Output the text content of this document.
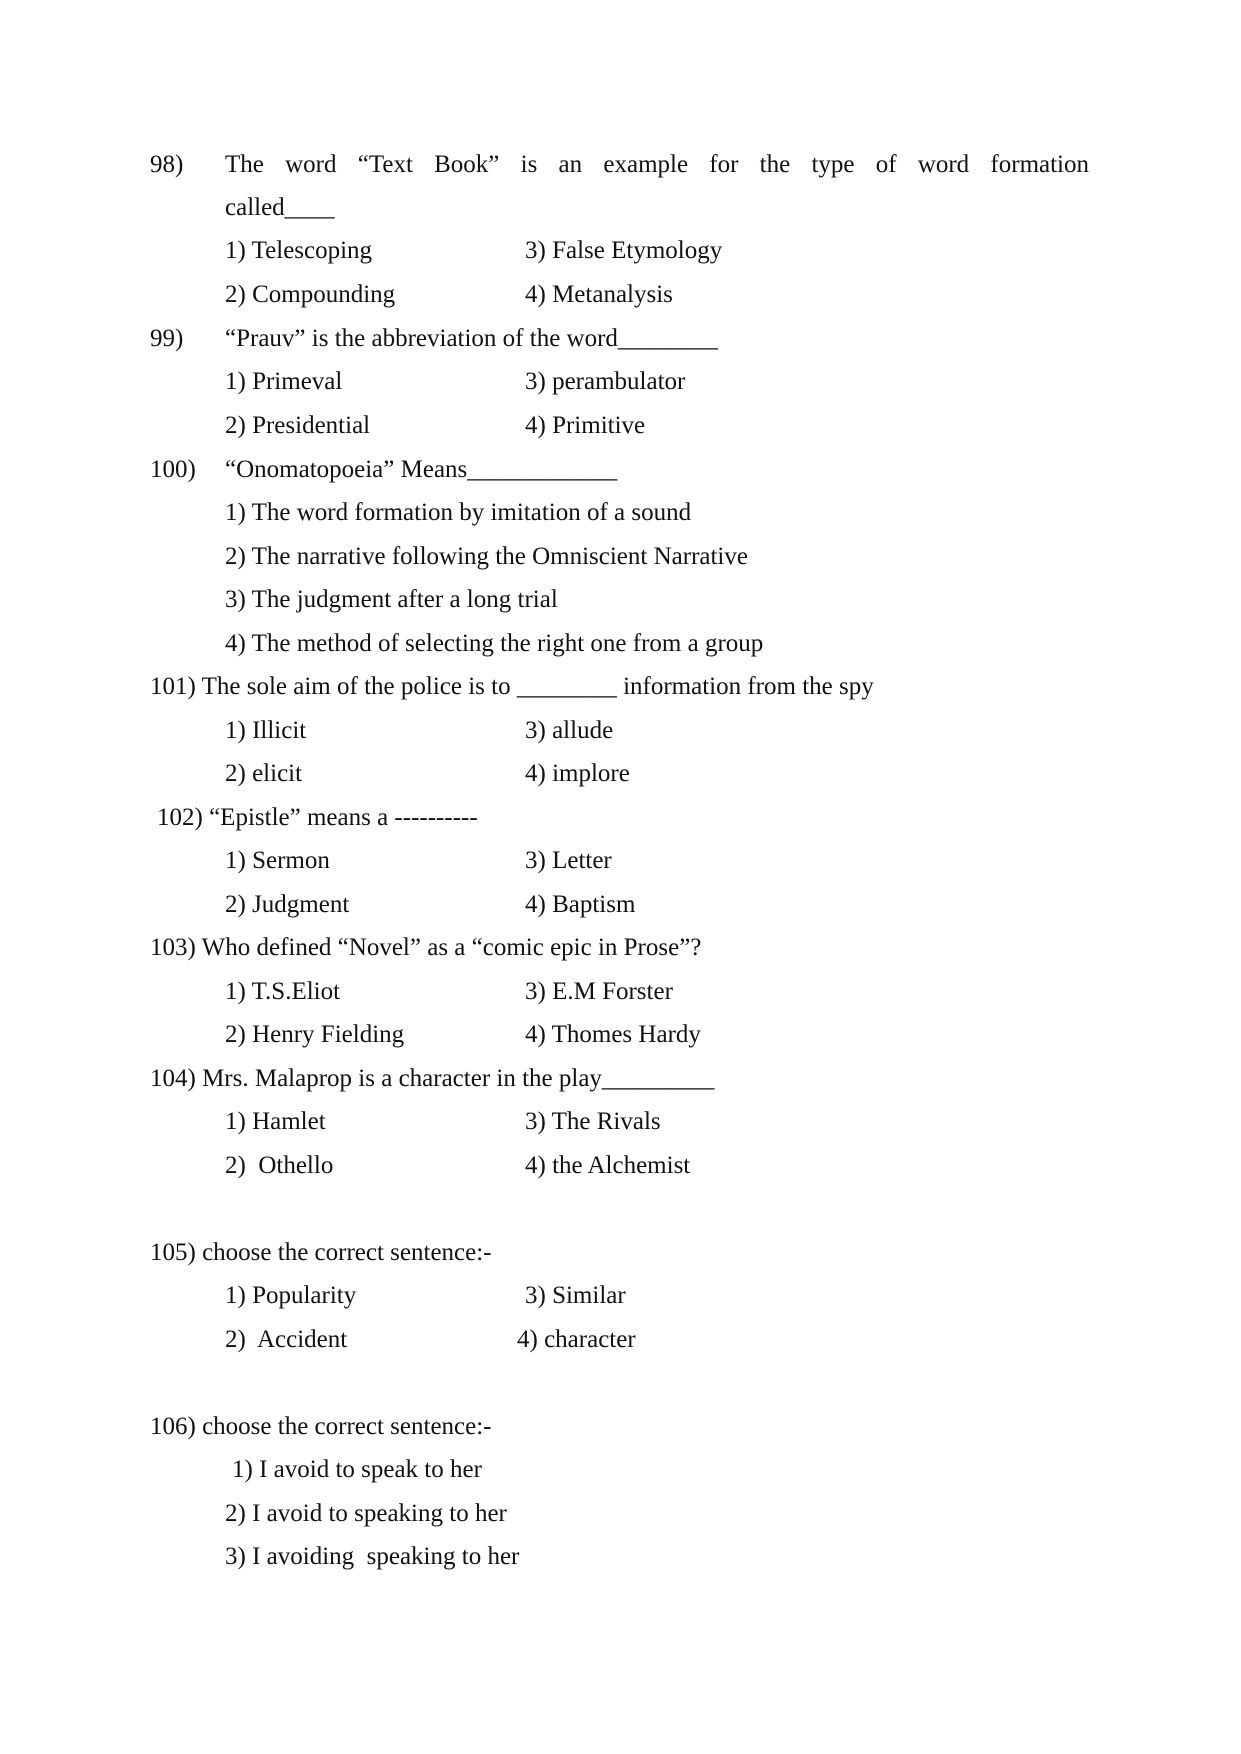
98) The word “Text Book” is an example for the type of word formation
called____
1) Telescoping	3) False Etymology
2) Compounding	4) Metanalysis
99) “Prauv” is the abbreviation of the word________
1) Primeval	3) perambulator
2) Presidential	4) Primitive
100) “Onomatopoeia” Means____________
1) The word formation by imitation of a sound
2) The narrative following the Omniscient Narrative
3) The judgment after a long trial
4) The method of selecting the right one from a group
101) The sole aim of the police is to ________ information from the spy
1) Illicit	3) allude
2) elicit	4) implore
102) “Epistle” means a ----------
1) Sermon	3) Letter
2) Judgment	4) Baptism
103) Who defined “Novel” as a “comic epic in Prose”?
1) T.S.Eliot	3) E.M Forster
2) Henry Fielding	4) Thomes Hardy
104) Mrs. Malaprop is a character in the play_________
1) Hamlet	3) The Rivals
2)  Othello	4) the Alchemist
105) choose the correct sentence:-
1) Popularity	3) Similar
2)  Accident	4) character
106) choose the correct sentence:-
1) I avoid to speak to her
2) I avoid to speaking to her
3) I avoiding  speaking to her
